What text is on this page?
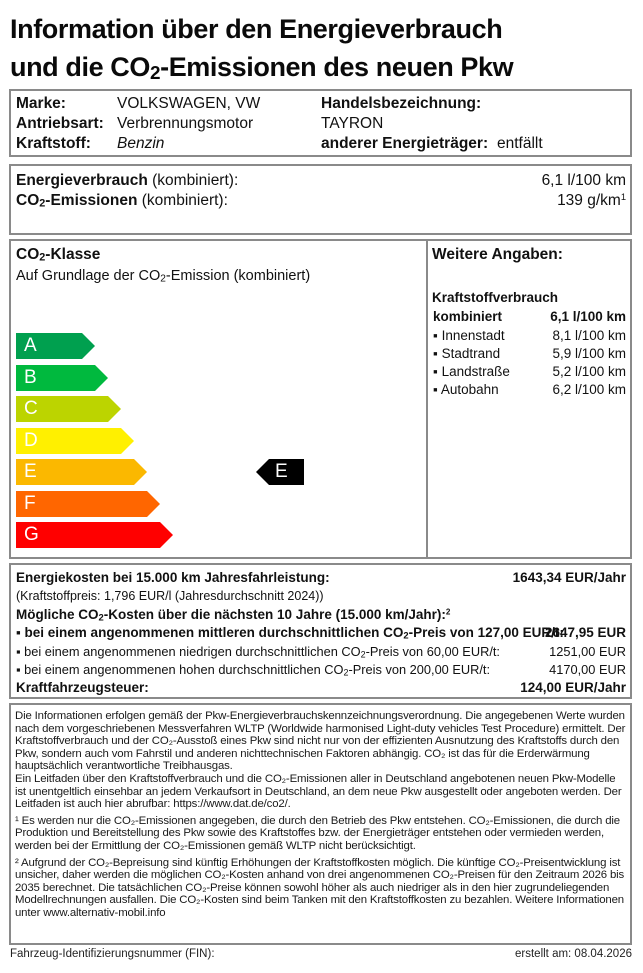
Information über den Energieverbrauch
und die $CO_2$-Emissionen des neuen Pkw
Marke:	VOLKSWAGEN, VW
Antriebsart: Verbrennungsmotor
Kraftstoff: Benzin
Handelsbezeichnung:
TAYRON
anderer Energieträger: entfällt
Energieverbrauch (kombiniert):	6,1 l/100 km
$CO_2$-Emissionen (kombiniert):	139 $g/km^1$
$CO_2$-Klasse
Auf Grundlage der $CO_2$-Emission (kombiniert)
A
B
C
D
E
F
G
E
Weitere Angaben:
Kraftstoffverbrauch
kombiniert	6,1 l/100 km
▪ Innenstadt	8,1 l/100 km
▪ Stadtrand	5,9 l/100 km
▪ Landstraße	5,2 l/100 km
▪ Autobahn	6,2 l/100 km
Energiekosten bei 15.000 km Jahresfahrleistung:	1643,34 EUR/Jahr
(Kraftstoffpreis: 1,796 EUR/l (Jahresdurchschnitt 2024))
Mögliche $CO_2$-Kosten über die nächsten 10 Jahre (15.000 km/Jahr):$^2$
▪ bei einem angenommenen mittleren durchschnittlichen $CO_2$-Preis von 127,00 EUR/t:
2647,95 EUR
▪ bei einem angenommenen niedrigen durchschnittlichen $CO_2$-Preis von 60,00 EUR/t:	1251,00 EUR
▪ bei einem angenommenen hohen durchschnittlichen $CO_2$-Preis von 200,00 EUR/t:	4170,00 EUR
Kraftfahrzeugsteuer:	124,00 EUR/Jahr

Die Informationen erfolgen gemäß der Pkw-Energieverbrauchskennzeichnungsverordnung. Die angegebenen Werte wurden nach dem vorgeschriebenen Messverfahren WLTP (Worldwide harmonised Light-duty vehicles Test Procedure) ermittelt. Der Kraftstoffverbrauch und der CO₂-Ausstoß eines Pkw sind nicht nur von der effizienten Ausnutzung des Kraftstoffs durch den Pkw, sondern auch vom Fahrstil und anderen nichttechnischen Faktoren abhängig. CO₂ ist das für die Erderwärmung hauptsächlich verantwortliche Treibhausgas.

Ein Leitfaden über den Kraftstoffverbrauch und die CO₂-Emissionen aller in Deutschland angebotenen neuen Pkw-Modelle ist unentgeltlich einsehbar an jedem Verkaufsort in Deutschland, an dem neue Pkw ausgestellt oder angeboten werden. Der Leitfaden ist auch hier abrufbar: https://www.dat.de/co2/.

¹ Es werden nur die CO₂-Emissionen angegeben, die durch den Betrieb des Pkw entstehen. CO₂-Emissionen, die durch die Produktion und Bereitstellung des Pkw sowie des Kraftstoffes bzw. der Energieträger entstehen oder vermieden werden, werden bei der Ermittlung der CO₂-Emissionen gemäß WLTP nicht berücksichtigt.

² Aufgrund der CO₂-Bepreisung sind künftig Erhöhungen der Kraftstoffkosten möglich. Die künftige CO₂-Preisentwicklung ist unsicher, daher werden die möglichen CO₂-Kosten anhand von drei angenommenen CO₂-Preisen für den Zeitraum 2026 bis 2035 berechnet. Die tatsächlichen CO₂-Preise können sowohl höher als auch niedriger als in den hier zugrundeliegenden Modellrechnungen ausfallen. Die CO₂-Kosten sind beim Tanken mit den Kraftstoffkosten zu bezahlen. Weitere Informationen unter www.alternativ-mobil.info

Fahrzeug-Identifizierungsnummer (FIN):	erstellt am: 08.04.2026
